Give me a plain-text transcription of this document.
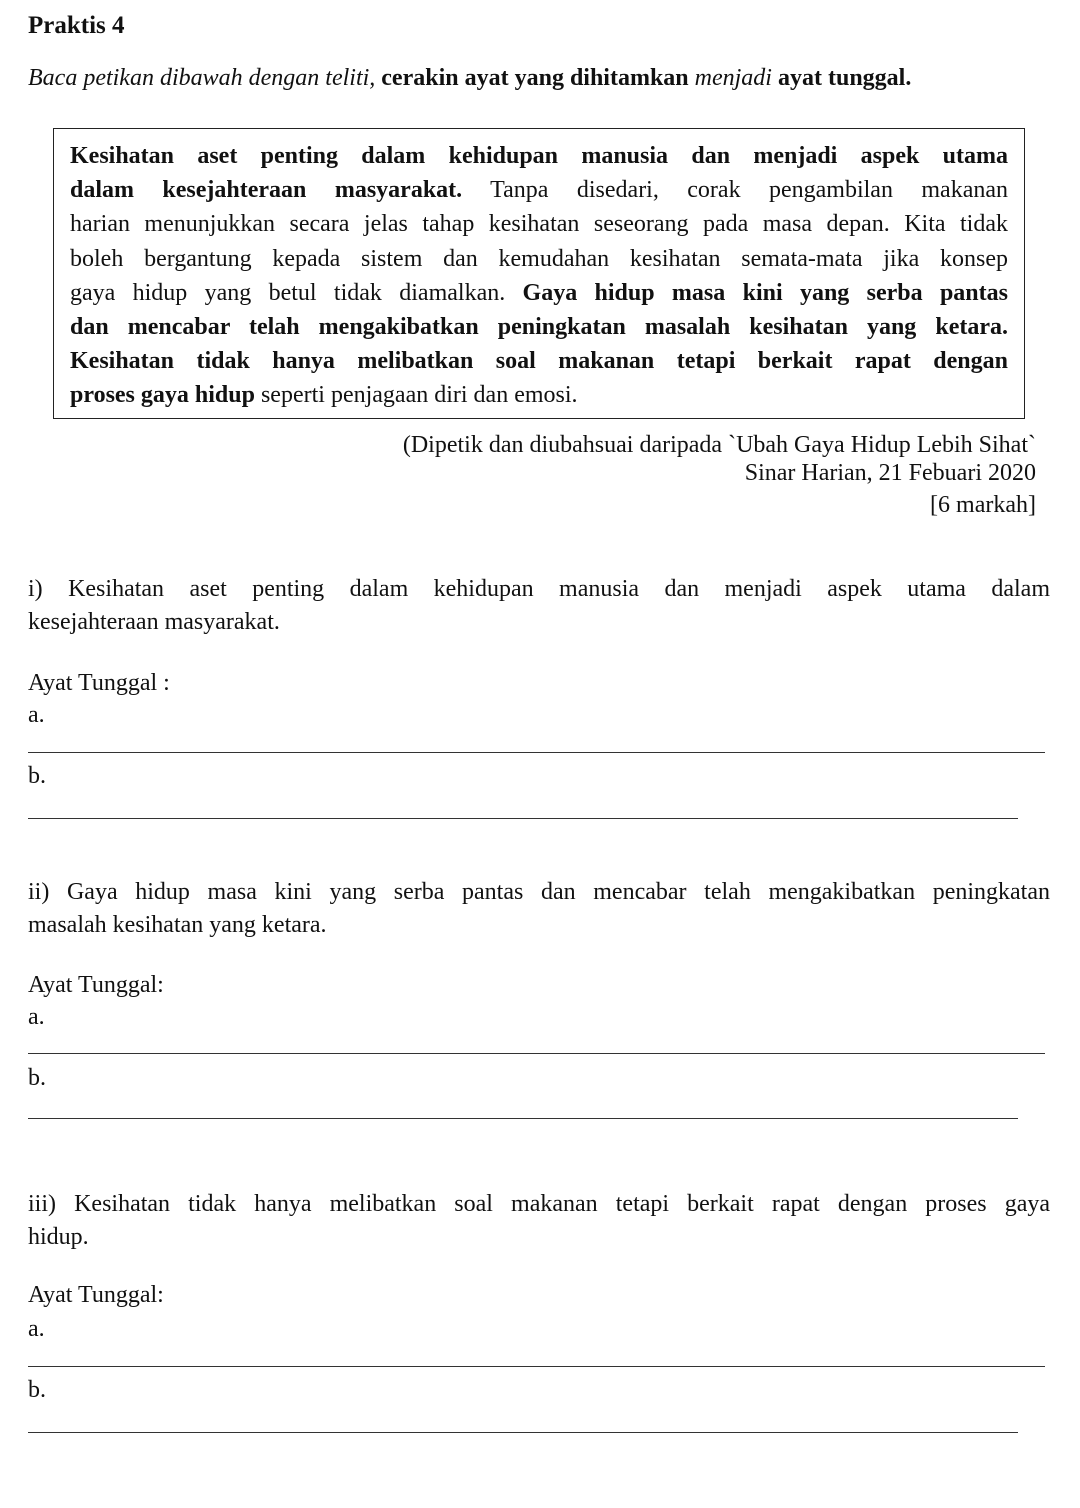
Praktis 4
Baca petikan dibawah dengan teliti, cerakin ayat yang dihitamkan menjadi ayat tunggal.
Kesihatan aset penting dalam kehidupan manusia dan menjadi aspek utama
dalam kesejahteraan masyarakat. Tanpa disedari, corak pengambilan makanan
harian menunjukkan secara jelas tahap kesihatan seseorang pada masa depan. Kita tidak
boleh bergantung kepada sistem dan kemudahan kesihatan semata-mata jika konsep
gaya hidup yang betul tidak diamalkan. Gaya hidup masa kini yang serba pantas
dan mencabar telah mengakibatkan peningkatan masalah kesihatan yang ketara.
Kesihatan tidak hanya melibatkan soal makanan tetapi berkait rapat dengan
proses gaya hidup seperti penjagaan diri dan emosi.
(Dipetik dan diubahsuai daripada `Ubah Gaya Hidup Lebih Sihat`
Sinar Harian, 21 Febuari 2020
[6 markah]
i) Kesihatan aset penting dalam kehidupan manusia dan menjadi aspek utama dalam
kesejahteraan masyarakat.
Ayat Tunggal :
a.
b.
ii) Gaya hidup masa kini yang serba pantas dan mencabar telah mengakibatkan peningkatan
masalah kesihatan yang ketara.
Ayat Tunggal:
a.
b.
iii) Kesihatan tidak hanya melibatkan soal makanan tetapi berkait rapat dengan proses gaya
hidup.
Ayat Tunggal:
a.
b.
